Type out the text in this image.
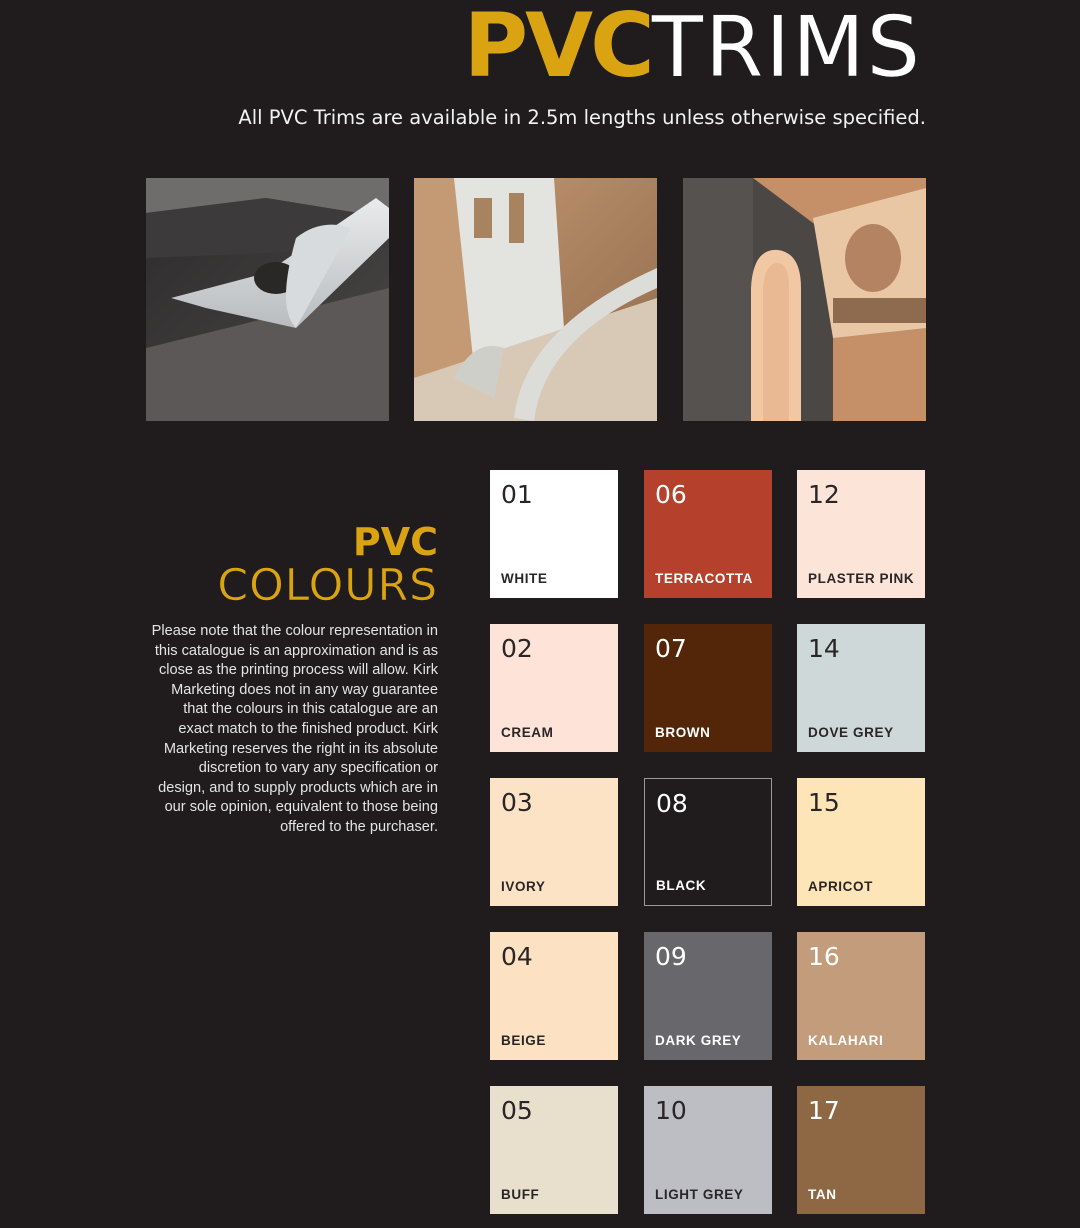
PVCTRIMS
All PVC Trims are available in 2.5m lengths unless otherwise specified.
PVC
COLOURS
Please note that the colour representation in this catalogue is an approximation and is as close as the printing process will allow. Kirk Marketing does not in any way guarantee that the colours in this catalogue are an exact match to the finished product. Kirk Marketing reserves the right in its absolute discretion to vary any specification or design, and to supply products which are in our sole opinion, equivalent to those being offered to the purchaser.
01
WHITE
06
TERRACOTTA
12
PLASTER PINK
02
CREAM
07
BROWN
14
DOVE GREY
03
IVORY
08
BLACK
15
APRICOT
04
BEIGE
09
DARK GREY
16
KALAHARI
05
BUFF
10
LIGHT GREY
17
TAN
